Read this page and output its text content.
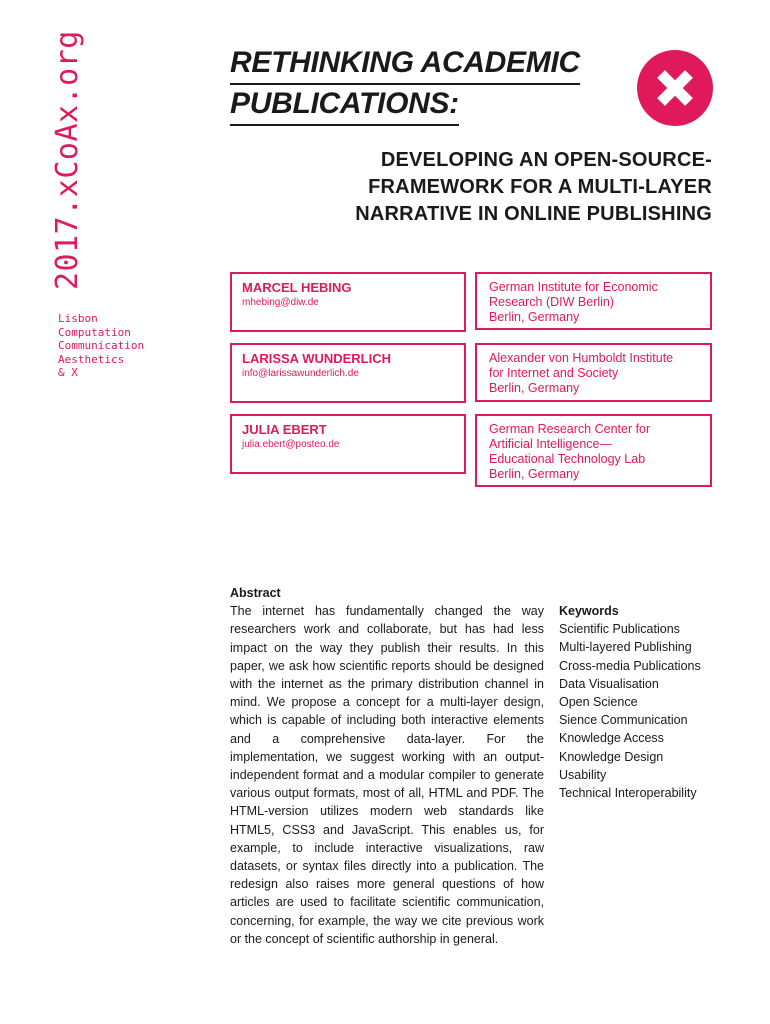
2017.xCoAx.org
Lisbon
Computation
Communication
Aesthetics
& X
RETHINKING ACADEMIC
PUBLICATIONS:
DEVELOPING AN OPEN-SOURCE-
FRAMEWORK FOR A MULTI-LAYER
NARRATIVE IN ONLINE PUBLISHING
MARCEL HEBING
mhebing@diw.de
German Institute for Economic
Research (DIW Berlin)
Berlin, Germany
LARISSA WUNDERLICH
info@larissawunderlich.de
Alexander von Humboldt Institute
for Internet and Society
Berlin, Germany
JULIA EBERT
julia.ebert@posteo.de
German Research Center for
Artificial Intelligence—
Educational Technology Lab
Berlin, Germany
Abstract
The internet has fundamentally changed the way researchers work and collaborate, but has had less impact on the way they publish their results. In this paper, we ask how scientific reports should be designed with the internet as the primary distribution channel in mind. We propose a concept for a multi-layer design, which is capable of including both interactive elements and a comprehensive data-layer. For the implementation, we suggest working with an output-independent format and a modular compiler to generate various output formats, most of all, HTML and PDF. The HTML-version utilizes modern web standards like HTML5, CSS3 and JavaScript. This enables us, for example, to include interactive visualizations, raw datasets, or syntax files directly into a publication. The redesign also raises more general questions of how articles are used to facilitate scientific communication, concerning, for example, the way we cite previous work or the concept of scientific authorship in general.
Keywords
Scientific Publications
Multi-layered Publishing
Cross-media Publications
Data Visualisation
Open Science
Sience Communication
Knowledge Access
Knowledge Design
Usability
Technical Interoperability
